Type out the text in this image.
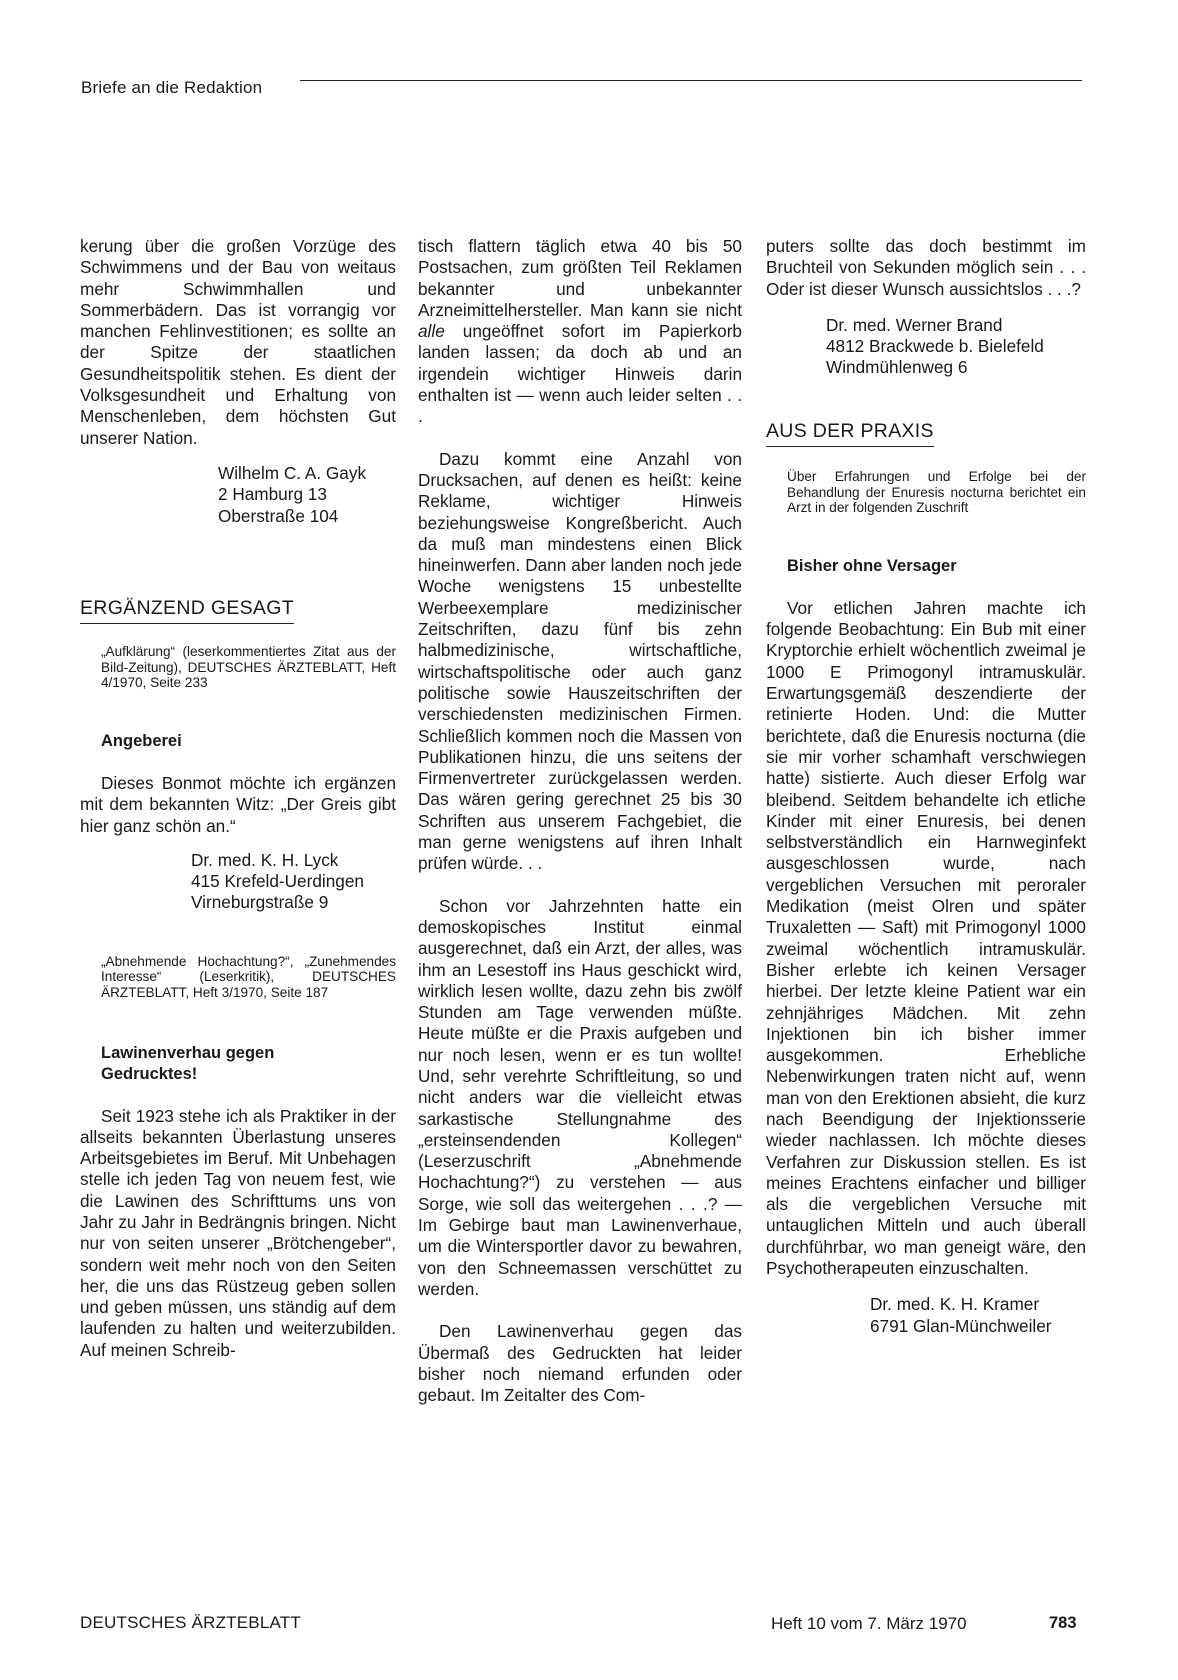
Briefe an die Redaktion

kerung über die großen Vorzüge des Schwimmens und der Bau von weitaus mehr Schwimmhallen und Sommerbädern. Das ist vorrangig vor manchen Fehlinvestitionen; es sollte an der Spitze der staatlichen Gesundheitspolitik stehen. Es dient der Volksgesundheit und Erhaltung von Menschenleben, dem höchsten Gut unserer Nation.

Wilhelm C. A. Gayk
2 Hamburg 13
Oberstraße 104
ERGÄNZEND GESAGT

„Aufklärung“ (leserkommentiertes Zitat aus der Bild-Zeitung), DEUTSCHES ÄRZTEBLATT, Heft 4/1970, Seite 233

Angeberei

Dieses Bonmot möchte ich ergänzen mit dem bekannten Witz: „Der Greis gibt hier ganz schön an.“

Dr. med. K. H. Lyck
415 Krefeld-Uerdingen
Virneburgstraße 9

„Abnehmende Hochachtung?“, „Zunehmendes Interesse“ (Leserkritik), DEUTSCHES ÄRZTEBLATT, Heft 3/1970, Seite 187

Lawinenverhau gegen
Gedrucktes!

Seit 1923 stehe ich als Praktiker in der allseits bekannten Überlastung unseres Arbeitsgebietes im Beruf. Mit Unbehagen stelle ich jeden Tag von neuem fest, wie die Lawinen des Schrifttums uns von Jahr zu Jahr in Bedrängnis bringen. Nicht nur von seiten unserer „Brötchengeber“, sondern weit mehr noch von den Seiten her, die uns das Rüstzeug geben sollen und geben müssen, uns ständig auf dem laufenden zu halten und weiterzubilden. Auf meinen Schreib-

tisch flattern täglich etwa 40 bis 50 Postsachen, zum größten Teil Reklamen bekannter und unbekannter Arzneimittelhersteller. Man kann sie nicht alle ungeöffnet sofort im Papierkorb landen lassen; da doch ab und an irgendein wichtiger Hinweis darin enthalten ist — wenn auch leider selten . . .

Dazu kommt eine Anzahl von Drucksachen, auf denen es heißt: keine Reklame, wichtiger Hinweis beziehungsweise Kongreßbericht. Auch da muß man mindestens einen Blick hineinwerfen. Dann aber landen noch jede Woche wenigstens 15 unbestellte Werbeexemplare medizinischer Zeitschriften, dazu fünf bis zehn halbmedizinische, wirtschaftliche, wirtschaftspolitische oder auch ganz politische sowie Hauszeitschriften der verschiedensten medizinischen Firmen. Schließlich kommen noch die Massen von Publikationen hinzu, die uns seitens der Firmenvertreter zurückgelassen werden. Das wären gering gerechnet 25 bis 30 Schriften aus unserem Fachgebiet, die man gerne wenigstens auf ihren Inhalt prüfen würde. . .

Schon vor Jahrzehnten hatte ein demoskopisches Institut einmal ausgerechnet, daß ein Arzt, der alles, was ihm an Lesestoff ins Haus geschickt wird, wirklich lesen wollte, dazu zehn bis zwölf Stunden am Tage verwenden müßte. Heute müßte er die Praxis aufgeben und nur noch lesen, wenn er es tun wollte! Und, sehr verehrte Schriftleitung, so und nicht anders war die vielleicht etwas sarkastische Stellungnahme des „ersteinsendenden Kollegen“ (Leserzuschrift „Abnehmende Hochachtung?“) zu verstehen — aus Sorge, wie soll das weitergehen . . .? — Im Gebirge baut man Lawinenverhaue, um die Wintersportler davor zu bewahren, von den Schneemassen verschüttet zu werden.

Den Lawinenverhau gegen das Übermaß des Gedruckten hat leider bisher noch niemand erfunden oder gebaut. Im Zeitalter des Com-

puters sollte das doch bestimmt im Bruchteil von Sekunden möglich sein . . . Oder ist dieser Wunsch aussichtslos . . .?

Dr. med. Werner Brand
4812 Brackwede b. Bielefeld
Windmühlenweg 6
AUS DER PRAXIS

Über Erfahrungen und Erfolge bei der Behandlung der Enuresis nocturna berichtet ein Arzt in der folgenden Zuschrift

Bisher ohne Versager

Vor etlichen Jahren machte ich folgende Beobachtung: Ein Bub mit einer Kryptorchie erhielt wöchentlich zweimal je 1000 E Primogonyl intramuskulär. Erwartungsgemäß deszendierte der retinierte Hoden. Und: die Mutter berichtete, daß die Enuresis nocturna (die sie mir vorher schamhaft verschwiegen hatte) sistierte. Auch dieser Erfolg war bleibend. Seitdem behandelte ich etliche Kinder mit einer Enuresis, bei denen selbstverständlich ein Harnweginfekt ausgeschlossen wurde, nach vergeblichen Versuchen mit peroraler Medikation (meist Olren und später Truxaletten — Saft) mit Primogonyl 1000 zweimal wöchentlich intramuskulär. Bisher erlebte ich keinen Versager hierbei. Der letzte kleine Patient war ein zehnjähriges Mädchen. Mit zehn Injektionen bin ich bisher immer ausgekommen. Erhebliche Nebenwirkungen traten nicht auf, wenn man von den Erektionen absieht, die kurz nach Beendigung der Injektionsserie wieder nachlassen. Ich möchte dieses Verfahren zur Diskussion stellen. Es ist meines Erachtens einfacher und billiger als die vergeblichen Versuche mit untauglichen Mitteln und auch überall durchführbar, wo man geneigt wäre, den Psychotherapeuten einzuschalten.

Dr. med. K. H. Kramer
6791 Glan-Münchweiler
DEUTSCHES ÄRZTEBLATT	Heft 10 vom 7. März 1970	783
